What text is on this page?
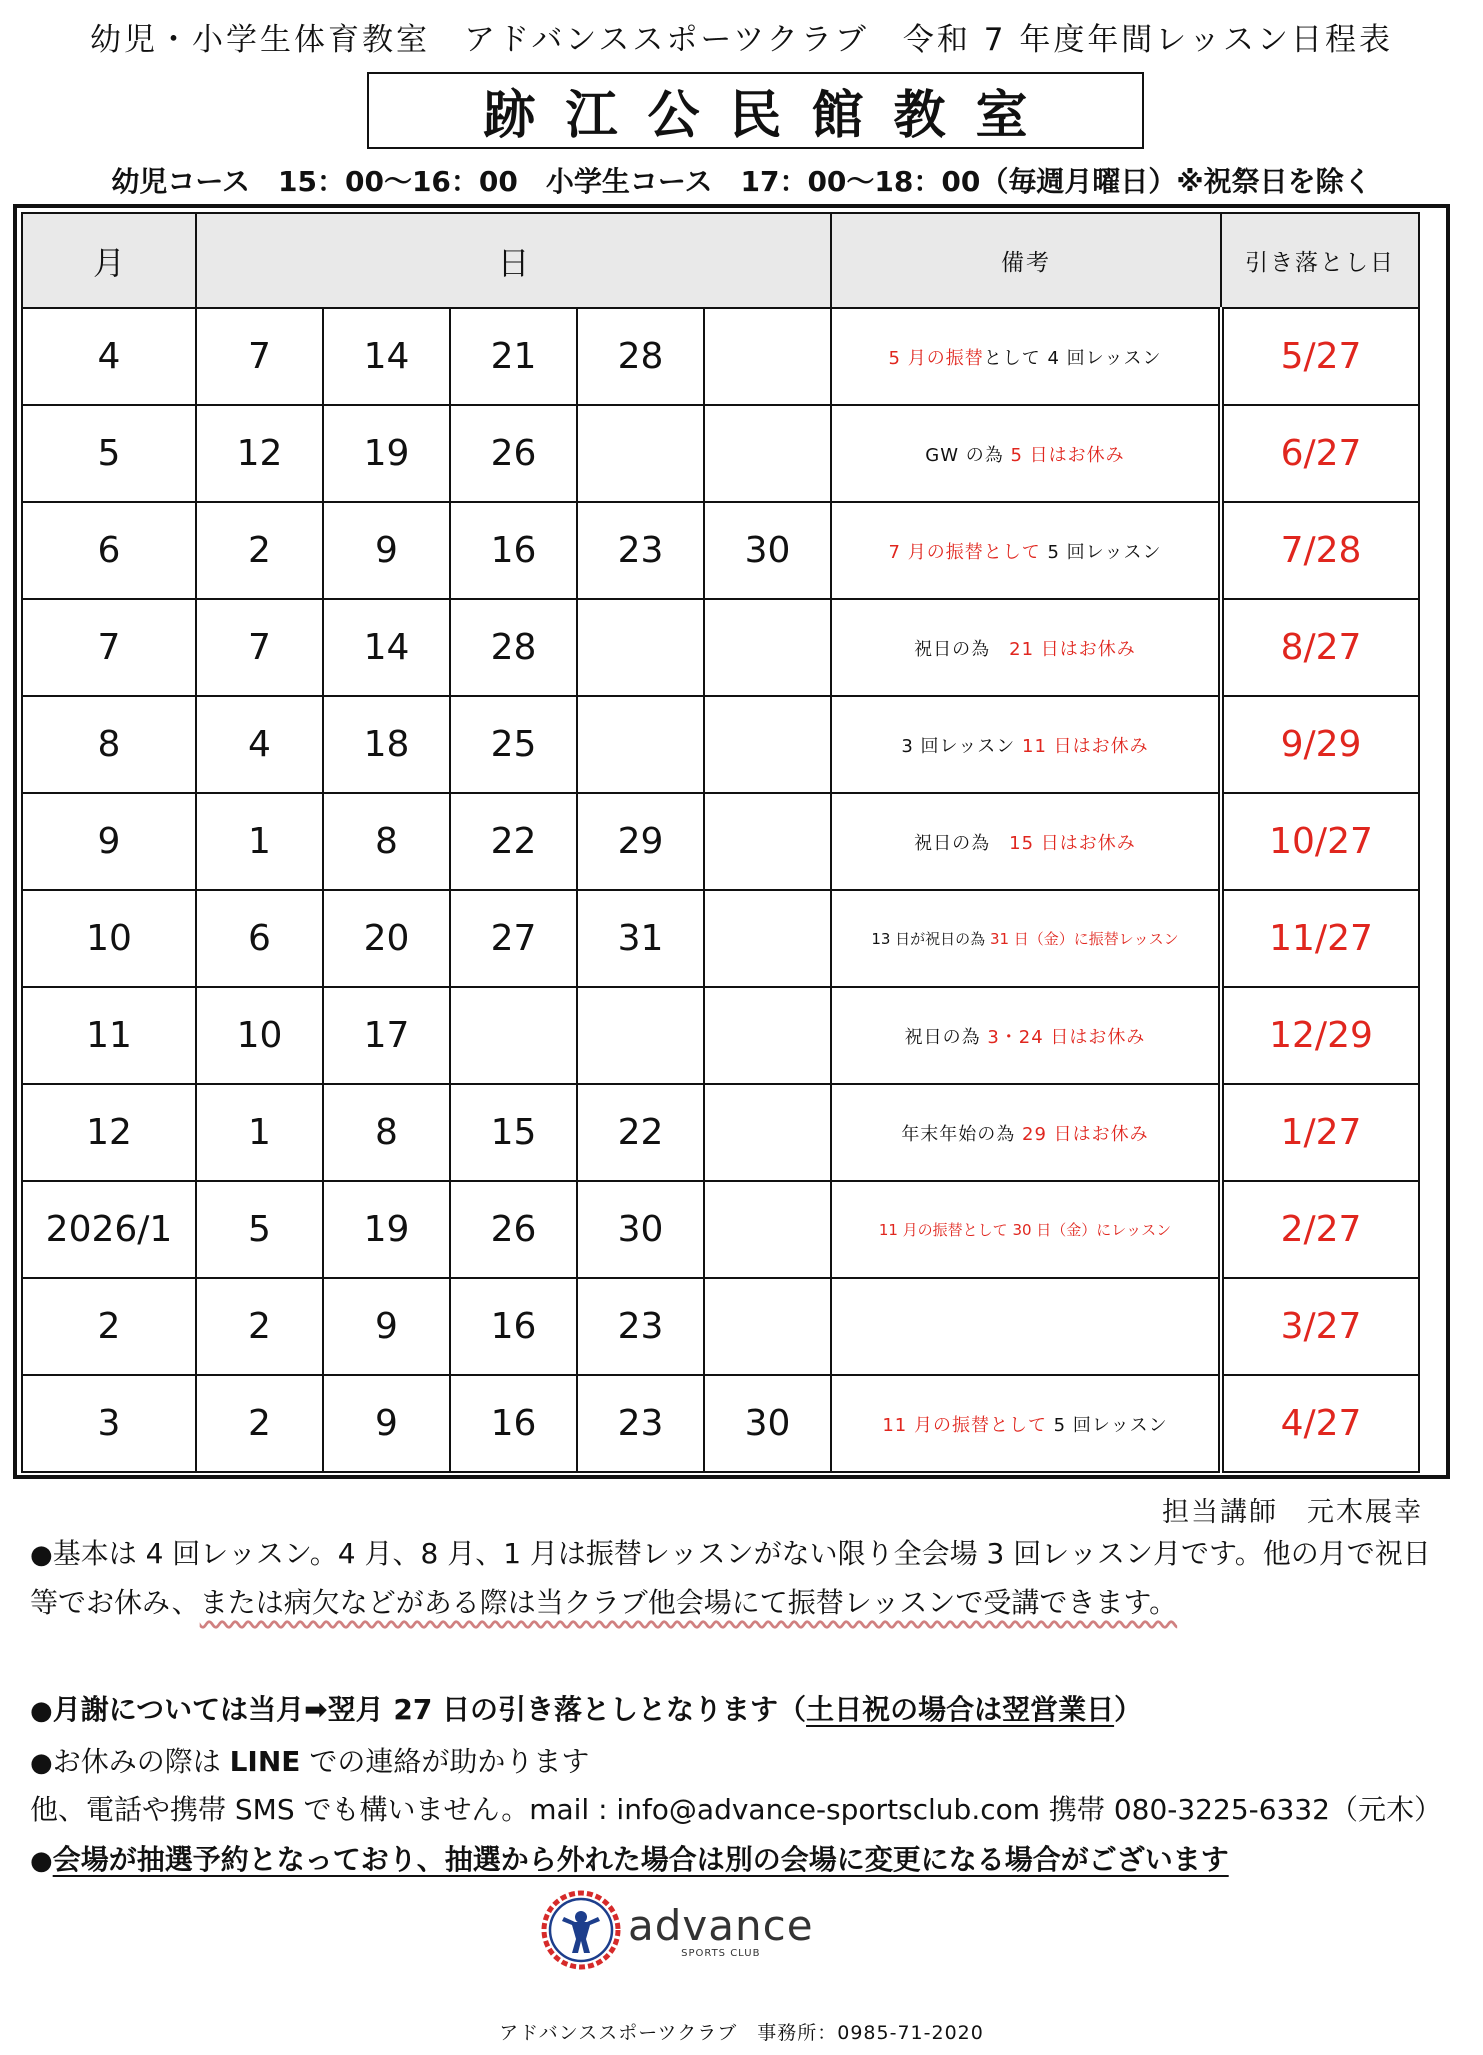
幼児・小学生体育教室　アドバンススポーツクラブ　令和 7 年度年間レッスン日程表
跡江公民館教室
幼児コース　15：00〜16：00　小学生コース　17：00〜18：00（毎週月曜日）※祝祭日を除く
月	日					備考	引き落とし日
4	7	14	21	28		5 月の振替として 4 回レッスン	5/27
5	12	19	26			GW の為 5 日はお休み	6/27
6	2	9	16	23	30	7 月の振替として 5 回レッスン	7/28
7	7	14	28			祝日の為　21 日はお休み	8/27
8	4	18	25			3 回レッスン 11 日はお休み	9/29
9	1	8	22	29		祝日の為　15 日はお休み	10/27
10	6	20	27	31		13 日が祝日の為 31 日（金）に振替レッスン	11/27
11	10	17				祝日の為 3・24 日はお休み	12/29
12	1	8	15	22		年末年始の為 29 日はお休み	1/27
2026/1	5	19	26	30		11 月の振替として 30 日（金）にレッスン	2/27
2	2	9	16	23			3/27
3	2	9	16	23	30	11 月の振替として 5 回レッスン	4/27
担当講師　元木展幸
●基本は 4 回レッスン。4 月、8 月、1 月は振替レッスンがない限り全会場 3 回レッスン月です。他の月で祝日等でお休み、または病欠などがある際は当クラブ他会場にて振替レッスンで受講できます。
●月謝については当月➡翌月 27 日の引き落としとなります（土日祝の場合は翌営業日）
●お休みの際は LINE での連絡が助かります
他、電話や携帯 SMS でも構いません。mail : info@advance-sportsclub.com 携帯 080-3225-6332（元木）
●会場が抽選予約となっており、抽選から外れた場合は別の会場に変更になる場合がございます
advance
SPORTS CLUB
アドバンススポーツクラブ　事務所：0985-71-2020
